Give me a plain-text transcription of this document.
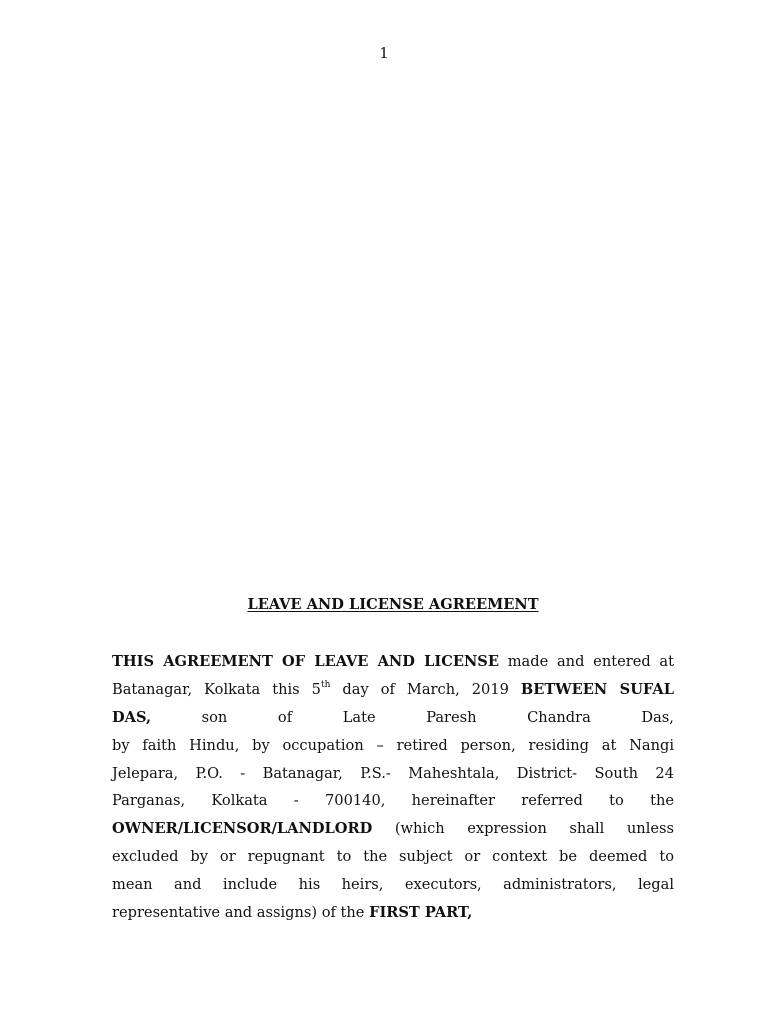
1
LEAVE AND LICENSE AGREEMENT
THIS AGREEMENT OF LEAVE AND LICENSE made and entered at
Batanagar, Kolkata this 5th day of March, 2019 BETWEEN SUFAL
DAS,	son	of	Late	Paresh	Chandra	Das,
by faith Hindu, by occupation – retired person, residing at Nangi
Jelepara, P.O. - Batanagar, P.S.- Maheshtala, District- South 24
Parganas, Kolkata - 700140, hereinafter referred to the
OWNER/LICENSOR/LANDLORD (which expression shall unless
excluded by or repugnant to the subject or context be deemed to
mean and include his heirs, executors, administrators, legal
representative and assigns) of the FIRST PART,
